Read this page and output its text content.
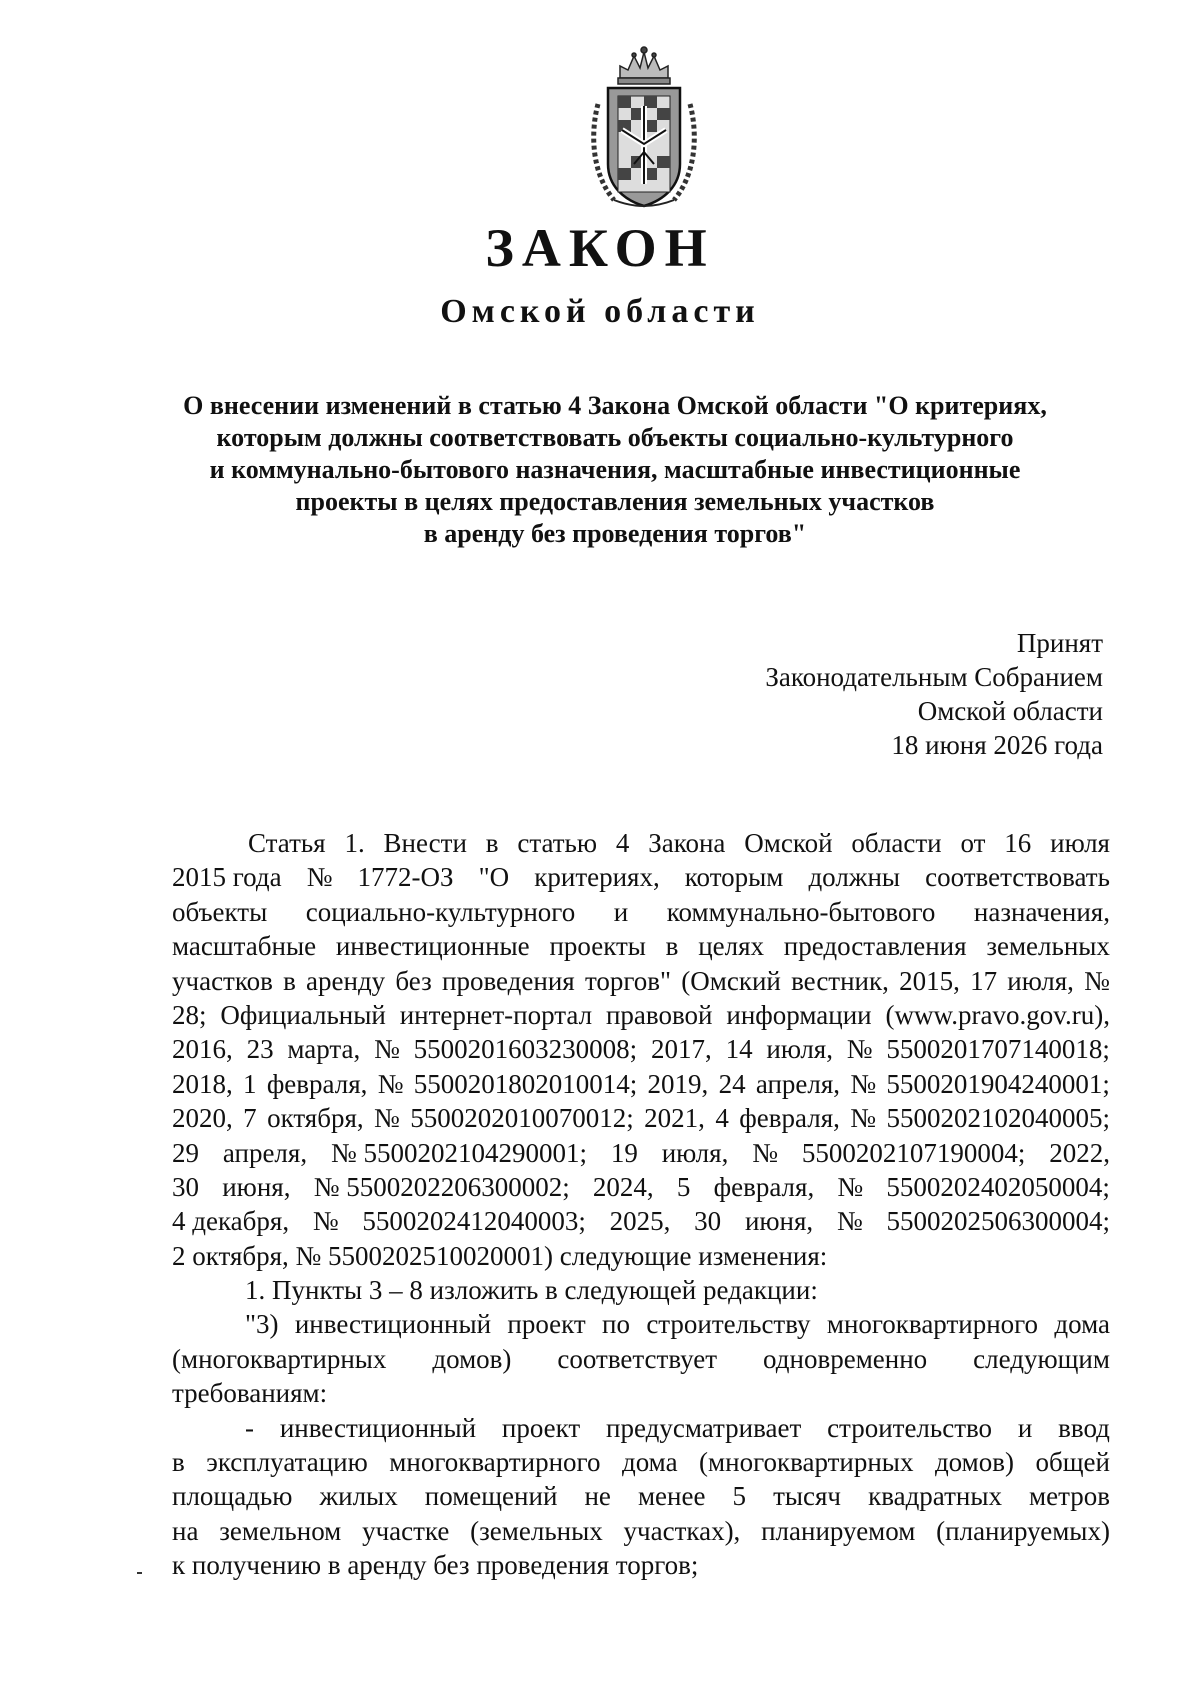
ЗАКОН
Омской области
О внесении изменений в статью 4 Закона Омской области "О критериях,
которым должны соответствовать объекты социально-культурного
и коммунально-бытового назначения, масштабные инвестиционные
проекты в целях предоставления земельных участков
в аренду без проведения торгов"
Принят
Законодательным Собранием
Омской области
18 июня 2026 года
Статья 1. Внести в статью 4 Закона Омской области от 16 июля
2015 года № 1772-ОЗ "О критериях, которым должны соответствовать
объекты социально-культурного и коммунально-бытового назначения,
масштабные инвестиционные проекты в целях предоставления земельных
участков в аренду без проведения торгов" (Омский вестник, 2015, 17 июля, №
28; Официальный интернет-портал правовой информации (www.pravo.gov.ru),
2016, 23 марта, № 5500201603230008; 2017, 14 июля, № 5500201707140018;
2018, 1 февраля, № 5500201802010014; 2019, 24 апреля, № 5500201904240001;
2020, 7 октября, № 5500202010070012; 2021, 4 февраля, № 5500202102040005;
29 апреля, № 5500202104290001; 19 июля, № 5500202107190004; 2022,
30 июня, № 5500202206300002; 2024, 5 февраля, № 5500202402050004;
4 декабря, № 5500202412040003; 2025, 30 июня, № 5500202506300004;
2 октября, № 5500202510020001) следующие изменения:
1. Пункты 3 – 8 изложить в следующей редакции:
"3) инвестиционный проект по строительству многоквартирного дома
(многоквартирных домов) соответствует одновременно следующим
требованиям:
- инвестиционный проект предусматривает строительство и ввод
в эксплуатацию многоквартирного дома (многоквартирных домов) общей
площадью жилых помещений не менее 5 тысяч квадратных метров
на земельном участке (земельных участках), планируемом (планируемых)
к получению в аренду без проведения торгов;
